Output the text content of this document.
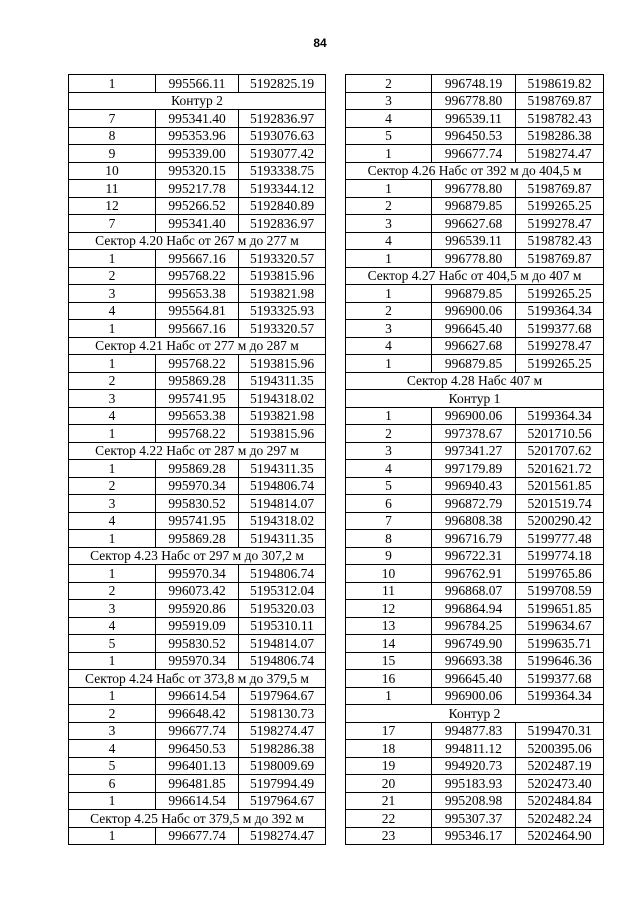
84
1	995566.11	5192825.19
Контур 2		
7	995341.40	5192836.97
8	995353.96	5193076.63
9	995339.00	5193077.42
10	995320.15	5193338.75
11	995217.78	5193344.12
12	995266.52	5192840.89
7	995341.40	5192836.97
Сектор 4.20 Набс от 267 м до 277 м		
1	995667.16	5193320.57
2	995768.22	5193815.96
3	995653.38	5193821.98
4	995564.81	5193325.93
1	995667.16	5193320.57
Сектор 4.21 Набс от 277 м до 287 м		
1	995768.22	5193815.96
2	995869.28	5194311.35
3	995741.95	5194318.02
4	995653.38	5193821.98
1	995768.22	5193815.96
Сектор 4.22 Набс от 287 м до 297 м		
1	995869.28	5194311.35
2	995970.34	5194806.74
3	995830.52	5194814.07
4	995741.95	5194318.02
1	995869.28	5194311.35
Сектор 4.23 Набс от 297 м до 307,2 м		
1	995970.34	5194806.74
2	996073.42	5195312.04
3	995920.86	5195320.03
4	995919.09	5195310.11
5	995830.52	5194814.07
1	995970.34	5194806.74
Сектор 4.24 Набс от 373,8 м до 379,5 м		
1	996614.54	5197964.67
2	996648.42	5198130.73
3	996677.74	5198274.47
4	996450.53	5198286.38
5	996401.13	5198009.69
6	996481.85	5197994.49
1	996614.54	5197964.67
Сектор 4.25 Набс от 379,5 м до 392 м		
1	996677.74	5198274.47
2	996748.19	5198619.82
3	996778.80	5198769.87
4	996539.11	5198782.43
5	996450.53	5198286.38
1	996677.74	5198274.47
Сектор 4.26 Набс от 392 м до 404,5 м		
1	996778.80	5198769.87
2	996879.85	5199265.25
3	996627.68	5199278.47
4	996539.11	5198782.43
1	996778.80	5198769.87
Сектор 4.27 Набс от 404,5 м до 407 м		
1	996879.85	5199265.25
2	996900.06	5199364.34
3	996645.40	5199377.68
4	996627.68	5199278.47
1	996879.85	5199265.25
Сектор 4.28 Набс 407 м		
Контур 1		
1	996900.06	5199364.34
2	997378.67	5201710.56
3	997341.27	5201707.62
4	997179.89	5201621.72
5	996940.43	5201561.85
6	996872.79	5201519.74
7	996808.38	5200290.42
8	996716.79	5199777.48
9	996722.31	5199774.18
10	996762.91	5199765.86
11	996868.07	5199708.59
12	996864.94	5199651.85
13	996784.25	5199634.67
14	996749.90	5199635.71
15	996693.38	5199646.36
16	996645.40	5199377.68
1	996900.06	5199364.34
Контур 2		
17	994877.83	5199470.31
18	994811.12	5200395.06
19	994920.73	5202487.19
20	995183.93	5202473.40
21	995208.98	5202484.84
22	995307.37	5202482.24
23	995346.17	5202464.90
